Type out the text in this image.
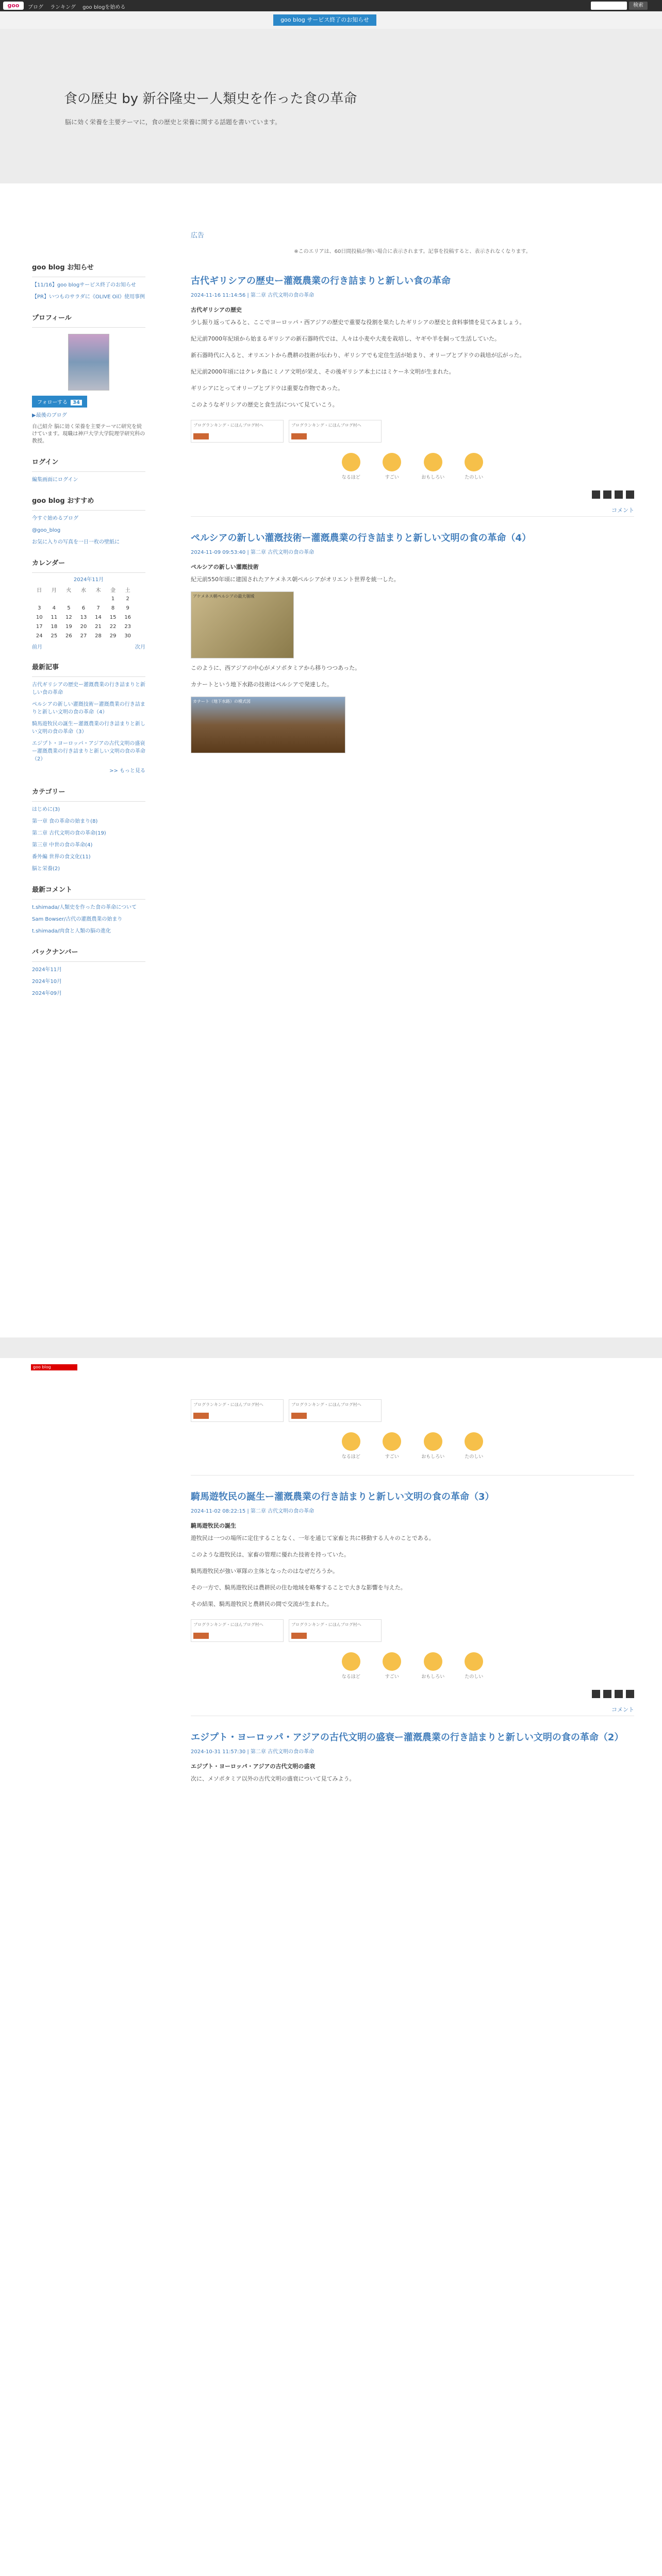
goo	ブログ ランキング goo blogを始める	検索
goo blog サービス終了のお知らせ
食の歴史 by 新谷隆史ー人類史を作った食の革命
脳に効く栄養を主要テーマに，食の歴史と栄養に関する話題を書いています。
goo blog お知らせ
【11/16】goo blogサービス終了のお知らせ
【PR】いつものサラダに《OLIVE Oil》使用事例
プロフィール
フォローする 34
▶最後のブログ
自己紹介 脳に効く栄養を主要テーマに研究を続けています。現職は神戸大学大学院理学研究科の教授。
ログイン
編集画面にログイン
goo blog おすすめ
今すぐ始めるブログ
@goo_blog
お気に入りの写真を一日一枚の壁紙に
カレンダー
2024年11月
日	月	火	水	木	金	土
					1	2
3	4	5	6	7	8	9
10	11	12	13	14	15	16
17	18	19	20	21	22	23
24	25	26	27	28	29	30
前月	次月
最新記事
古代ギリシアの歴史ー灌漑農業の行き詰まりと新しい食の革命
ペルシアの新しい灌漑技術ー灌漑農業の行き詰まりと新しい文明の食の革命（4）
騎馬遊牧民の誕生ー灌漑農業の行き詰まりと新しい文明の食の革命（3）
エジプト・ヨーロッパ・アジアの古代文明の盛衰ー灌漑農業の行き詰まりと新しい文明の食の革命（2）
>> もっと見る
カテゴリー
はじめに(3)
第一章 食の革命の始まり(8)
第二章 古代文明の食の革命(19)
第三章 中世の食の革命(4)
番外編 世界の食文化(11)
脳と栄養(2)
最新コメント
t.shimada/人類史を作った食の革命について
Sam Bowser/古代の灌漑農業の始まり
t.shimada/肉食と人類の脳の進化
バックナンバー
2024年11月
2024年10月
2024年09月
広告
※このエリアは、60日間投稿が無い場合に表示されます。記事を投稿すると、表示されなくなります。
古代ギリシアの歴史ー灌漑農業の行き詰まりと新しい食の革命
2024-11-16 11:14:56 | 第二章 古代文明の食の革命
古代ギリシアの歴史

少し振り返ってみると、ここでヨーロッパ・西アジアの歴史で重要な役割を果たしたギリシアの歴史と食料事情を見てみましょう。

紀元前7000年紀頃から始まるギリシアの新石器時代では、人々は小麦や大麦を栽培し、ヤギや羊を飼って生活していた。

新石器時代に入ると、オリエントから農耕の技術が伝わり、ギリシアでも定住生活が始まり、オリーブとブドウの栽培が広がった。

紀元前2000年頃にはクレタ島にミノア文明が栄え、その後ギリシア本土にはミケーネ文明が生まれた。

ギリシアにとってオリーブとブドウは重要な作物であった。

このようなギリシアの歴史と食生活について見ていこう。

ブログランキング・にほんブログ村へ	ブログランキング・にほんブログ村へ

なるほど	すごい	おもしろい	たのしい
コメント
ペルシアの新しい灌漑技術ー灌漑農業の行き詰まりと新しい文明の食の革命（4）
2024-11-09 09:53:40 | 第二章 古代文明の食の革命
ペルシアの新しい灌漑技術

紀元前550年頃に建国されたアケメネス朝ペルシアがオリエント世界を統一した。

アケメネス朝ペルシアの最大領域

このように、西アジアの中心がメソポタミアから移りつつあった。

カナートという地下水路の技術はペルシアで発達した。

カナート（地下水路）の模式図
goo blog
ブログランキング・にほんブログ村へ	ブログランキング・にほんブログ村へ

なるほど	すごい	おもしろい	たのしい
騎馬遊牧民の誕生ー灌漑農業の行き詰まりと新しい文明の食の革命（3）
2024-11-02 08:22:15 | 第二章 古代文明の食の革命
騎馬遊牧民の誕生

遊牧民は一つの場所に定住することなく、一年を通じて家畜と共に移動する人々のことである。

このような遊牧民は、家畜の管理に優れた技術を持っていた。

騎馬遊牧民が強い軍隊の主体となったのはなぜだろうか。

その一方で、騎馬遊牧民は農耕民の住む地域を略奪することで大きな影響を与えた。

その結果、騎馬遊牧民と農耕民の間で交流が生まれた。

ブログランキング・にほんブログ村へ	ブログランキング・にほんブログ村へ

なるほど	すごい	おもしろい	たのしい
コメント
エジプト・ヨーロッパ・アジアの古代文明の盛衰ー灌漑農業の行き詰まりと新しい文明の食の革命（2）
2024-10-31 11:57:30 | 第二章 古代文明の食の革命
エジプト・ヨーロッパ・アジアの古代文明の盛衰

次に、メソポタミア以外の古代文明の盛衰について見てみよう。
